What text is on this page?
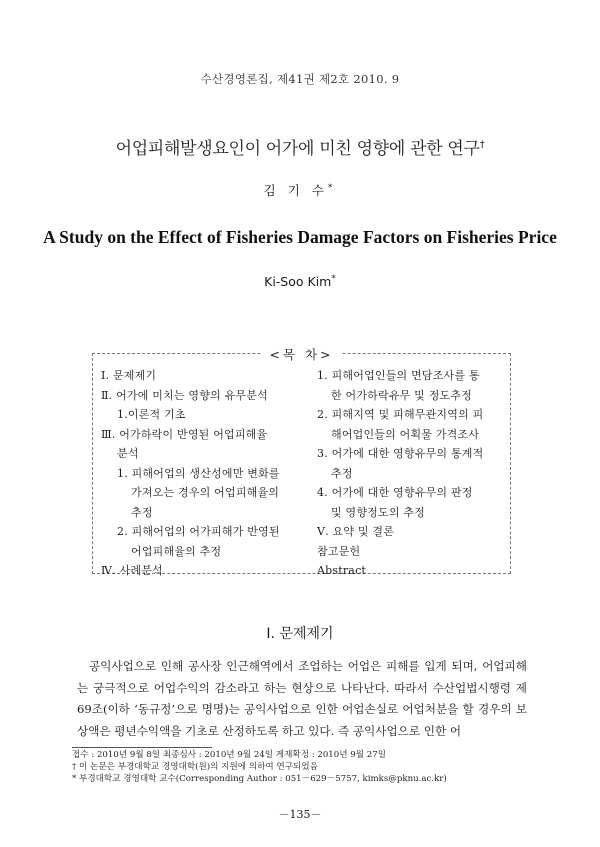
수산경영론집, 제41권 제2호 2010. 9
어업피해발생요인이 어가에 미친 영향에 관한 연구†
김 기 수*
A Study on the Effect of Fisheries Damage Factors on Fisheries Price
Ki-Soo Kim*
<목 차>
Ⅰ. 문제제기
Ⅱ. 어가에 미치는 영향의 유무분석
1.이론적 기초
Ⅲ. 어가하락이 반영된 어업피해율
분석
1. 피해어업의 생산성에만 변화를
가져오는 경우의 어업피해율의
추정
2. 피해어업의 어가피해가 반영된
어업피해율의 추정
Ⅳ. 사례분석
1. 피해어업인들의 면담조사를 통
한 어가하락유무 및 정도추정
2. 피해지역 및 피해무관지역의 피
해어업인들의 어획물 가격조사
3. 어가에 대한 영향유무의 통계적
추정
4. 어가에 대한 영향유무의 판정
및 영향정도의 추정
Ⅴ. 요약 및 결론
참고문헌
Abstract
Ⅰ. 문제제기

공익사업으로 인해 공사장 인근해역에서 조업하는 어업은 피해를 입게 되며, 어업피해는 궁극적으로 어업수익의 감소라고 하는 현상으로 나타난다. 따라서 수산업법시행령 제 69조(이하 ‘동규정’으로 명명)는 공익사업으로 인한 어업손실로 어업처분을 할 경우의 보상액은 평년수익액을 기초로 산정하도록 하고 있다. 즉 공익사업으로 인한 어

접수 : 2010년 9월 8일 최종심사 : 2010년 9월 24일 게재확정 : 2010년 9월 27일
† 이 논문은 부경대학교 경영대학(원)의 지원에 의하여 연구되었음
* 부경대학교 경영대학 교수(Corresponding Author : 051－629－5757, kimks@pknu.ac.kr)
－135－
